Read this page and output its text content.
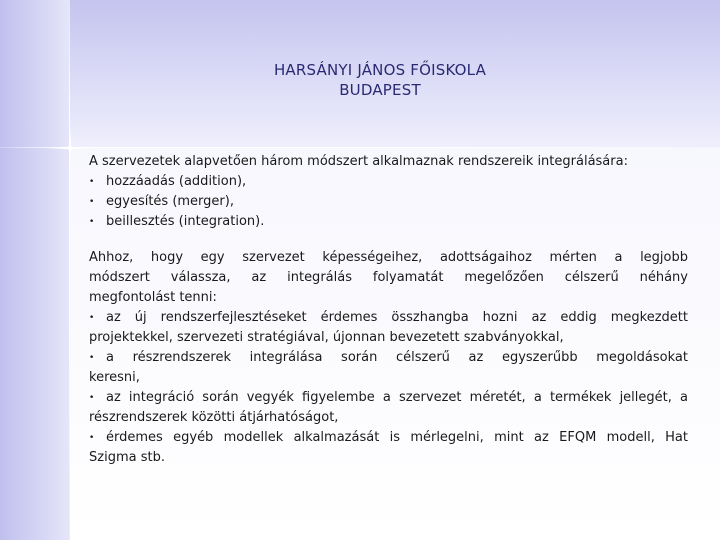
HARSÁNYI JÁNOS FŐISKOLA
BUDAPEST
A szervezetek alapvetően három módszert alkalmaznak rendszereik integrálására:
• hozzáadás (addition),
• egyesítés (merger),
• beillesztés (integration).
Ahhoz, hogy egy szervezet képességeihez, adottságaihoz mérten a legjobb
módszert válassza, az integrálás folyamatát megelőzően célszerű néhány
megfontolást tenni:
• az új rendszerfejlesztéseket érdemes összhangba hozni az eddig megkezdett
projektekkel, szervezeti stratégiával, újonnan bevezetett szabványokkal,
• a részrendszerek integrálása során célszerű az egyszerűbb megoldásokat
keresni,
• az integráció során vegyék figyelembe a szervezet méretét, a termékek jellegét, a
részrendszerek közötti átjárhatóságot,
• érdemes egyéb modellek alkalmazását is mérlegelni, mint az EFQM modell, Hat
Szigma stb.
